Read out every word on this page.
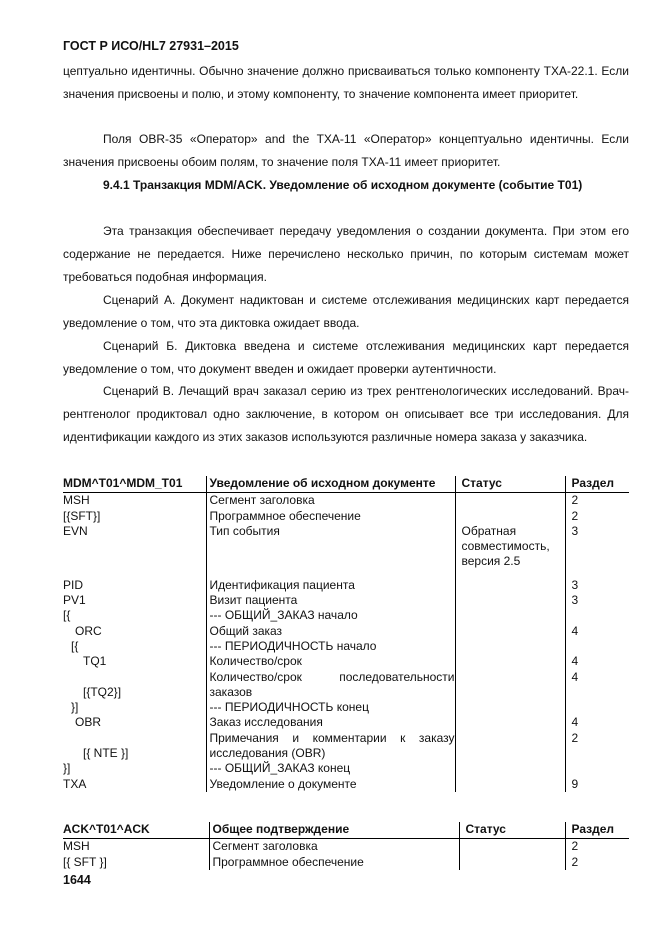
ГОСТ Р ИСО/HL7 27931–2015

цептуально идентичны. Обычно значение должно присваиваться только компоненту TXA-22.1. Если значения присвоены и полю, и этому компоненту, то значение компонента имеет приоритет.

Поля OBR-35 «Оператор» and the TXA-11 «Оператор» концептуально идентичны. Если значения присвоены обоим полям, то значение поля TXA-11 имеет приоритет.

9.4.1 Транзакция MDM/ACK. Уведомление об исходном документе (событие T01)

Эта транзакция обеспечивает передачу уведомления о создании документа. При этом его содержание не передается. Ниже перечислено несколько причин, по которым системам может требоваться подобная информация.

Сценарий А. Документ надиктован и системе отслеживания медицинских карт передается уведомление о том, что эта диктовка ожидает ввода.

Сценарий Б. Диктовка введена и системе отслеживания медицинских карт передается уведомление о том, что документ введен и ожидает проверки аутентичности.

Сценарий В. Лечащий врач заказал серию из трех рентгенологических исследований. Врач-рентгенолог продиктовал одно заключение, в котором он описывает все три исследования. Для идентификации каждого из этих заказов используются различные номера заказа у заказчика.

MDM^T01^MDM_T01	Уведомление об исходном документе	Статус	Раздел
MSH	Сегмент заголовка		2
[{SFT}]	Программное обеспечение		2
EVN	Тип события	Обратная совместимость, версия 2.5	3
PID	Идентификация пациента		3
PV1	Визит пациента		3
[{	--- ОБЩИЙ_ЗАКАЗ начало		
ORC	Общий заказ		4
[{	--- ПЕРИОДИЧНОСТЬ начало		
TQ1	Количество/срок		4
[{TQ2}]	Количество/срок последовательности заказов		4
}]	--- ПЕРИОДИЧНОСТЬ конец		
OBR	Заказ исследования		4
[{ NTE }]	Примечания и комментарии к заказу исследования (OBR)		2
}]	--- ОБЩИЙ_ЗАКАЗ конец		
TXA	Уведомление о документе		9
ACK^T01^ACK	Общее подтверждение	Статус	Раздел
MSH	Сегмент заголовка		2
[{ SFT }]	Программное обеспечение		2
1644
